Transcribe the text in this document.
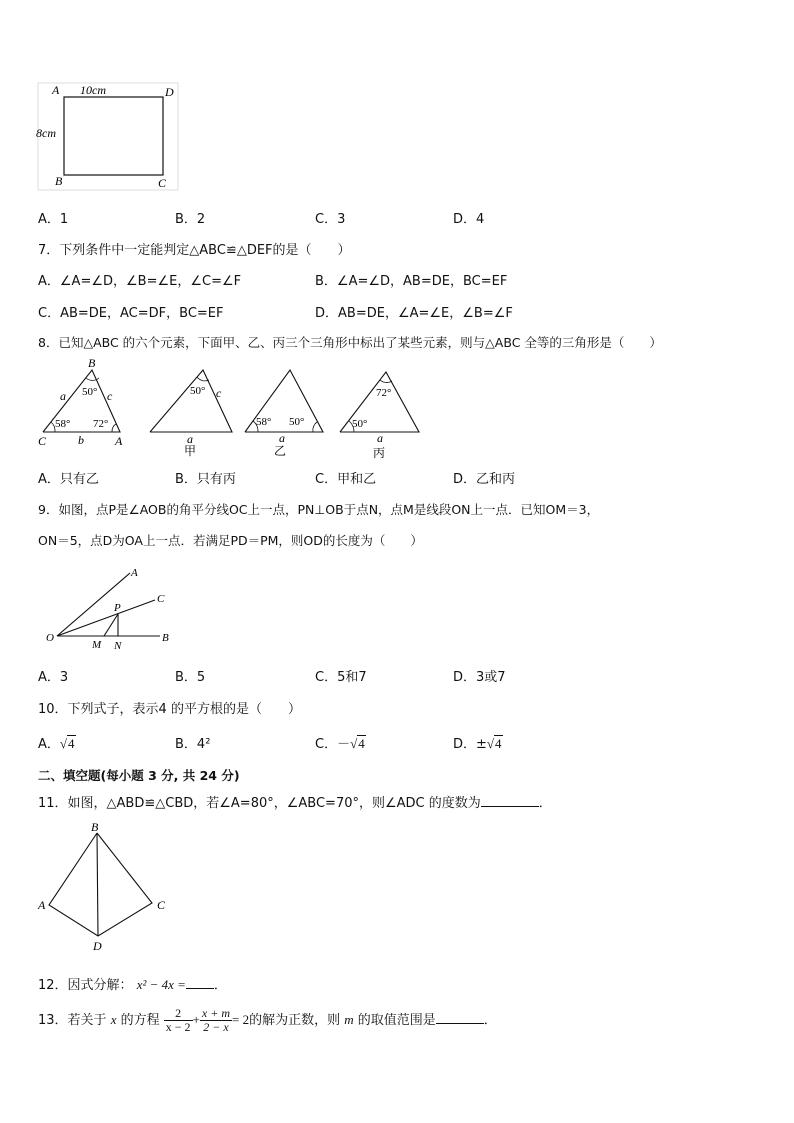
A 10cm	D
8cm
B	C
A．1	B．2	C．3	D．4
7．下列条件中一定能判定△ABC≌△DEF的是（　　）
A．∠A=∠D，∠B=∠E，∠C=∠F	B．∠A=∠D，AB=DE，BC=EF
C．AB=DE，AC=DF，BC=EF	D．AB=DE，∠A=∠E，∠B=∠F
8．已知△ABC 的六个元素，下面甲、乙、丙三个三角形中标出了某些元素，则与△ABC 全等的三角形是（　　）
B
a 50° c
58° 72°
C	b	A
50° c
a
甲
58° 50°
a
乙
72°
50°
a
丙
A．只有乙	B．只有丙	C．甲和乙	D．乙和丙
9．如图，点P是∠AOB的角平分线OC上一点，PN⊥OB于点N，点M是线段ON上一点．已知OM＝3，
ON＝5，点D为OA上一点．若满足PD＝PM，则OD的长度为（　　）
A
C
P
O	B
M N
A．3	B．5	C．5和7	D．3或7
10．下列式子，表示4 的平方根的是（　　）
A．√4	B．4²	C．－√4	D．±√4
二、填空题(每小题 3 分, 共 24 分)
11．如图，△ABD≌△CBD，若∠A=80°，∠ABC=70°，则∠ADC 的度数为	．
B
A	C
D
12．因式分解： x² − 4x = ．
13．若关于 x 的方程 $\frac{2}{x - 2} + \frac{x + m}{2 - x} = 2$的解为正数，则 m 的取值范围是	．
